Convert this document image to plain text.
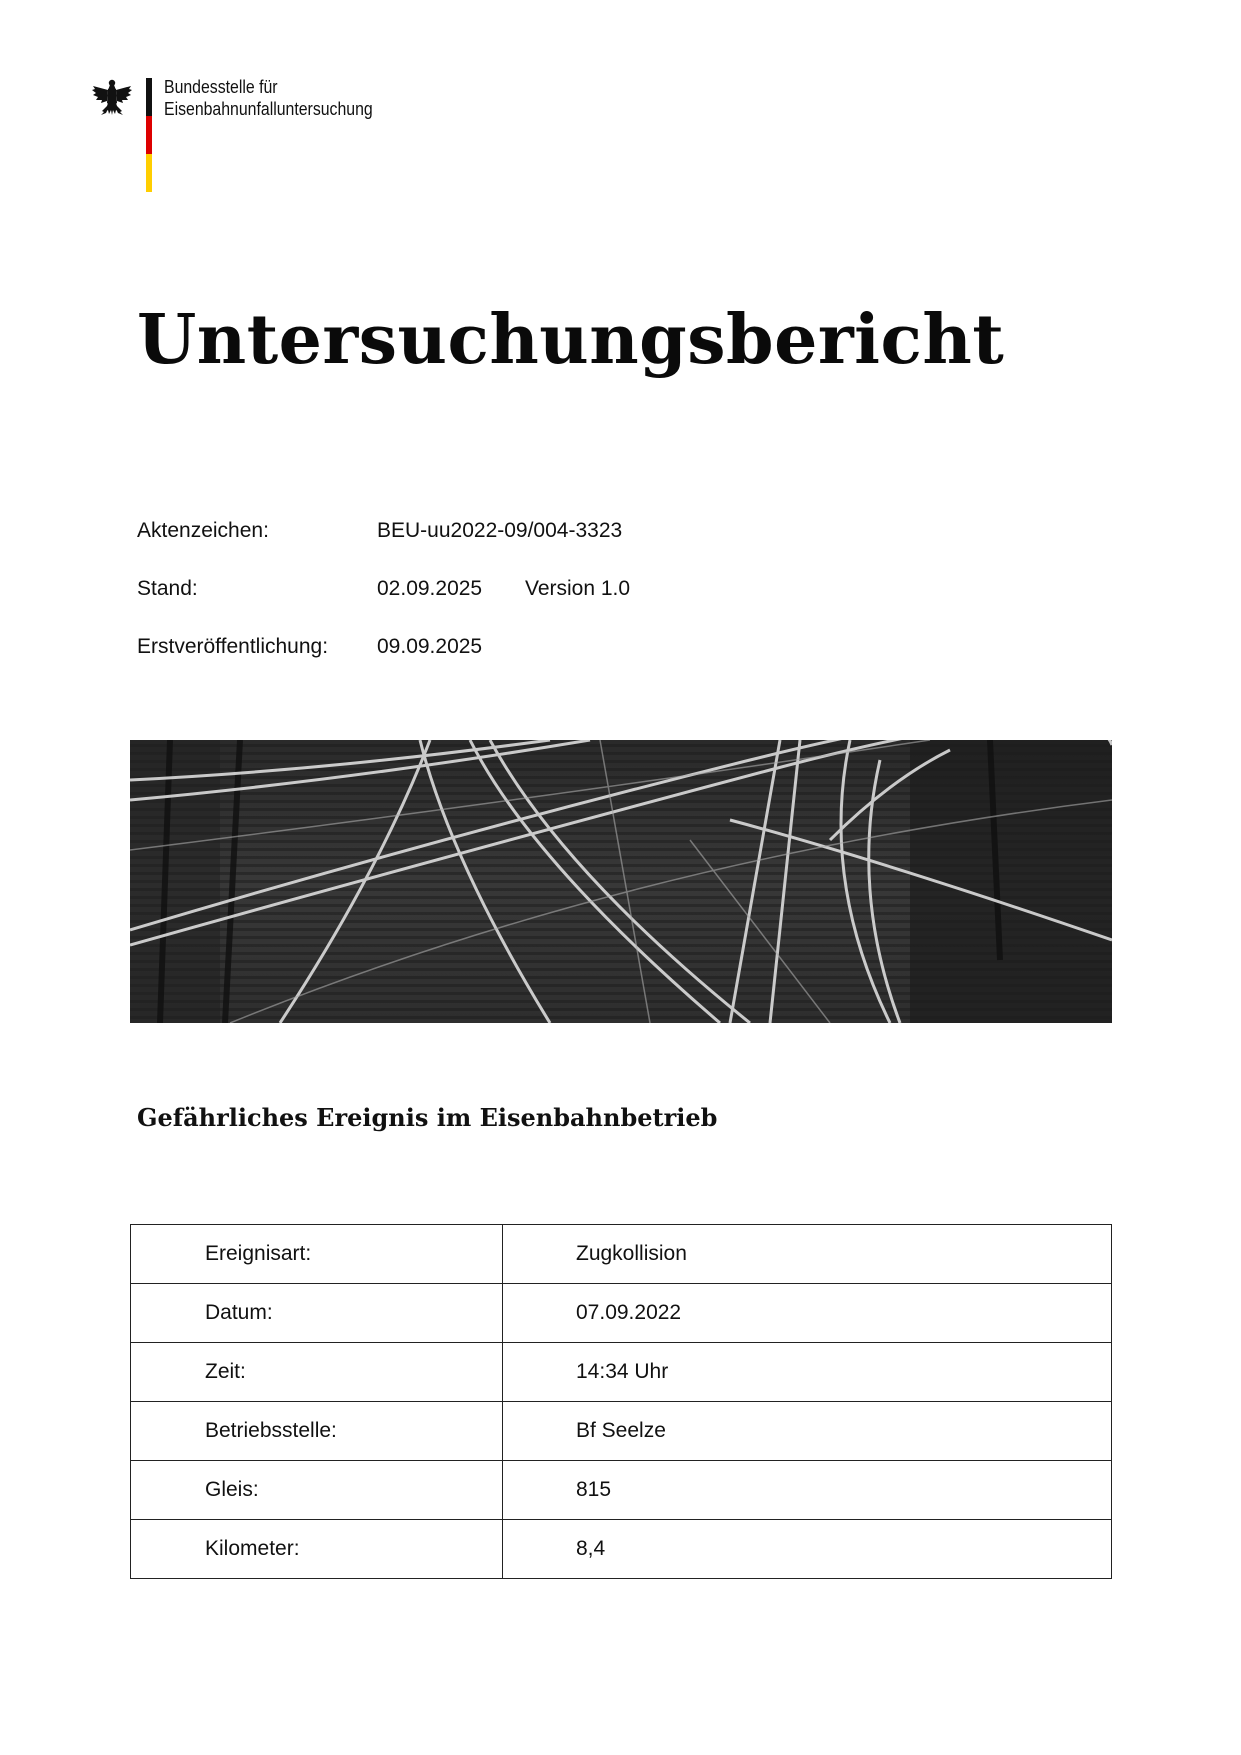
Bundesstelle für
Eisenbahnunfalluntersuchung
Untersuchungsbericht
Aktenzeichen:	BEU-uu2022-09/004-3323
Stand:	02.09.2025 Version 1.0
Erstveröffentlichung: 09.09.2025
Gefährliches Ereignis im Eisenbahnbetrieb
Ereignisart:	Zugkollision
Datum:	07.09.2022
Zeit:	14:34 Uhr
Betriebsstelle:	Bf Seelze
Gleis:	815
Kilometer:	8,4
